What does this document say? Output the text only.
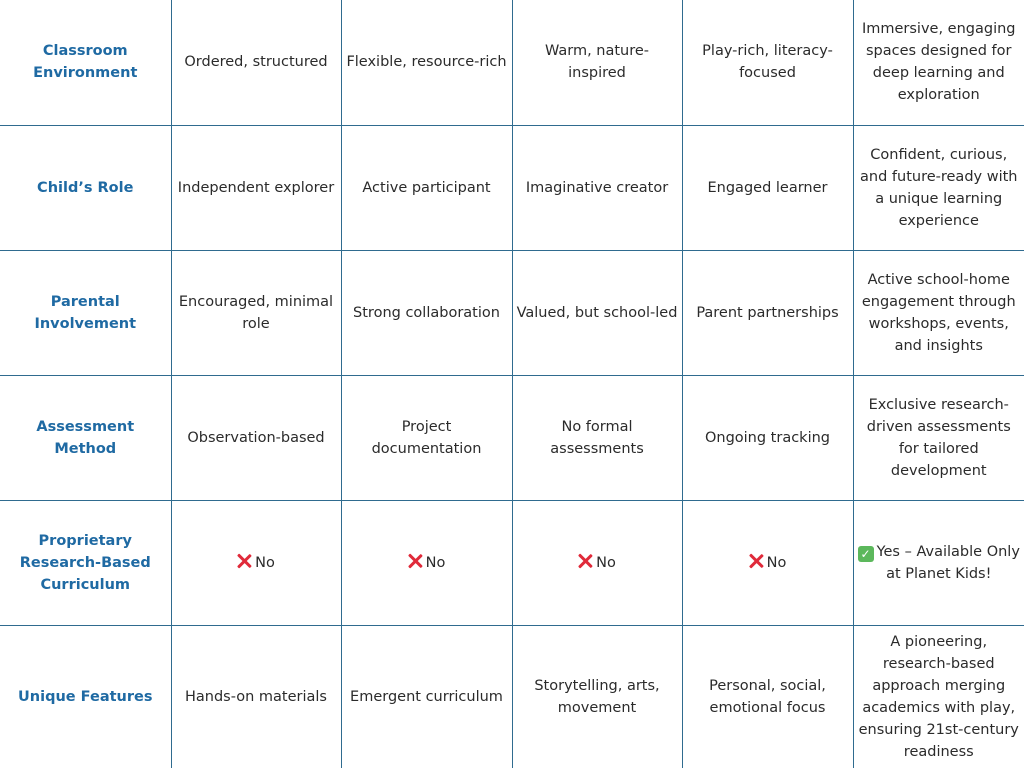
Classroom Environment	Ordered, structured	Flexible, resource-rich	Warm, nature-inspired	Play-rich, literacy-focused	Immersive, engaging spaces designed for deep learning and exploration
Child’s Role	Independent explorer	Active participant	Imaginative creator	Engaged learner	Confident, curious, and future-ready with a unique learning experience
Parental Involvement	Encouraged, minimal role	Strong collaboration	Valued, but school-led	Parent partnerships	Active school-home engagement through workshops, events, and insights
Assessment Method	Observation-based	Project documentation	No formal assessments	Ongoing tracking	Exclusive research-driven assessments for tailored development
Proprietary Research-Based Curriculum	No	No	No	No	✓ Yes – Available Only at Planet Kids!
Unique Features	Hands-on materials	Emergent curriculum	Storytelling, arts, movement	Personal, social, emotional focus	A pioneering, research-based approach merging academics with play, ensuring 21st-century readiness
